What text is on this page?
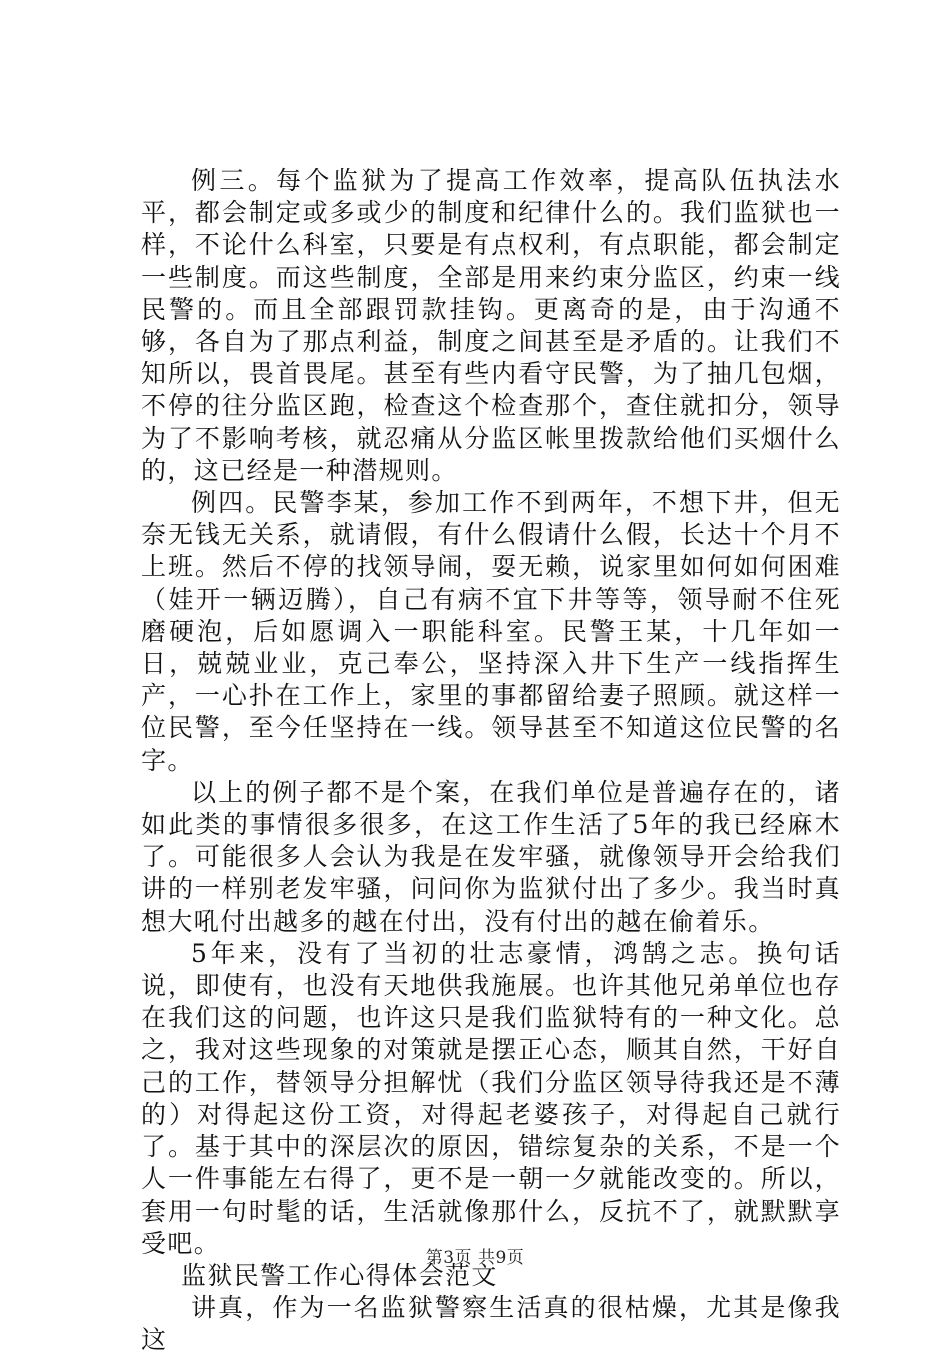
例三。每个监狱为了提高工作效率，提高队伍执法水平，都会制定或多或少的制度和纪律什么的。我们监狱也一样，不论什么科室，只要是有点权利，有点职能，都会制定一些制度。而这些制度，全部是用来约束分监区，约束一线民警的。而且全部跟罚款挂钩。更离奇的是，由于沟通不够，各自为了那点利益，制度之间甚至是矛盾的。让我们不知所以，畏首畏尾。甚至有些内看守民警，为了抽几包烟，不停的往分监区跑，检查这个检查那个，查住就扣分，领导为了不影响考核，就忍痛从分监区帐里拨款给他们买烟什么的，这已经是一种潜规则。

例四。民警李某，参加工作不到两年，不想下井，但无奈无钱无关系，就请假，有什么假请什么假，长达十个月不上班。然后不停的找领导闹，耍无赖，说家里如何如何困难（娃开一辆迈腾），自己有病不宜下井等等，领导耐不住死磨硬泡，后如愿调入一职能科室。民警王某，十几年如一日，兢兢业业，克己奉公，坚持深入井下生产一线指挥生产，一心扑在工作上，家里的事都留给妻子照顾。就这样一位民警，至今任坚持在一线。领导甚至不知道这位民警的名字。

以上的例子都不是个案，在我们单位是普遍存在的，诸如此类的事情很多很多，在这工作生活了5年的我已经麻木了。可能很多人会认为我是在发牢骚，就像领导开会给我们讲的一样别老发牢骚，问问你为监狱付出了多少。我当时真想大吼付出越多的越在付出，没有付出的越在偷着乐。

5年来，没有了当初的壮志豪情，鸿鹄之志。换句话说，即使有，也没有天地供我施展。也许其他兄弟单位也存在我们这的问题，也许这只是我们监狱特有的一种文化。总之，我对这些现象的对策就是摆正心态，顺其自然，干好自己的工作，替领导分担解忧（我们分监区领导待我还是不薄的）对得起这份工资，对得起老婆孩子，对得起自己就行了。基于其中的深层次的原因，错综复杂的关系，不是一个人一件事能左右得了，更不是一朝一夕就能改变的。所以，套用一句时髦的话，生活就像那什么，反抗不了，就默默享受吧。

监狱民警工作心得体会范文

讲真，作为一名监狱警察生活真的很枯燥，尤其是像我这

第3页 共9页
